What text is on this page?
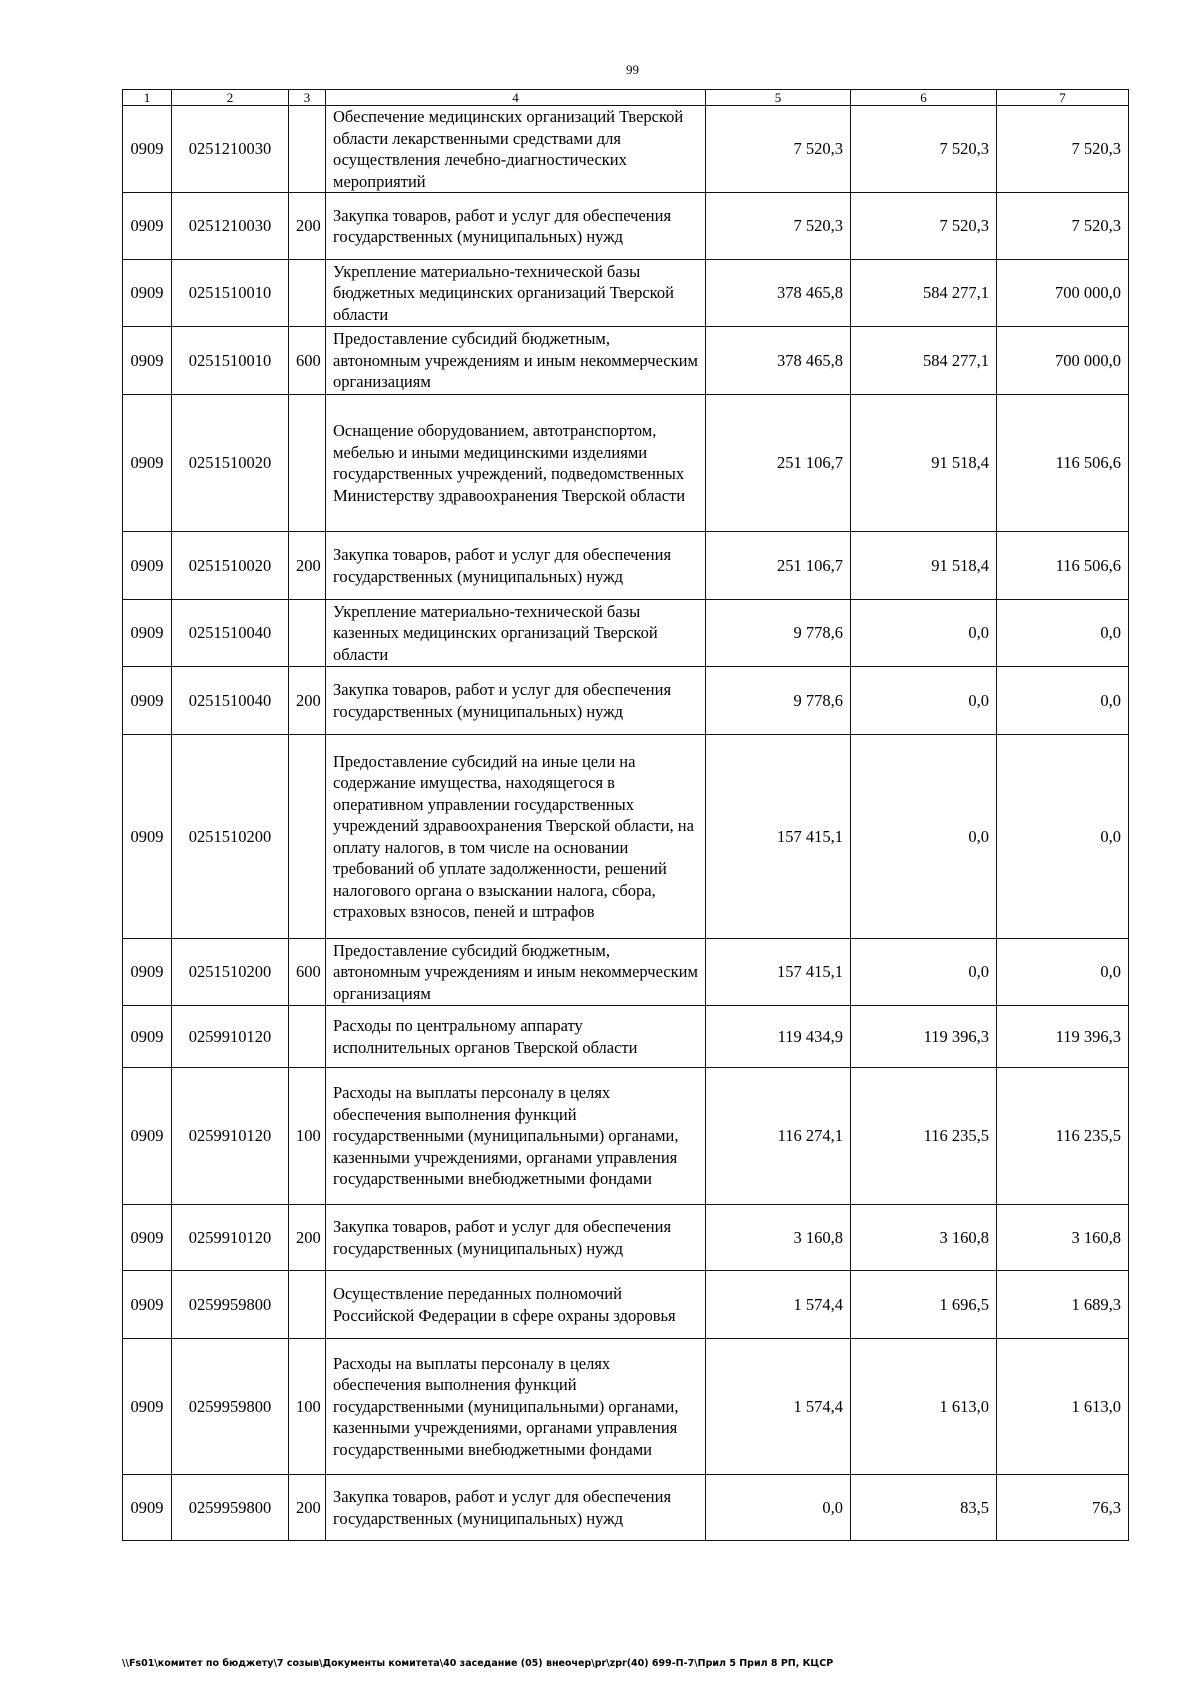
99
1	2	3	4	5	6	7
0909	0251210030		Обеспечение медицинских организаций Тверской области лекарственными средствами для осуществления лечебно-диагностических мероприятий	7 520,3	7 520,3	7 520,3
0909	0251210030	200	Закупка товаров, работ и услуг для обеспечения государственных (муниципальных) нужд	7 520,3	7 520,3	7 520,3
0909	0251510010		Укрепление материально-технической базы бюджетных медицинских организаций Тверской области	378 465,8	584 277,1	700 000,0
0909	0251510010	600	Предоставление субсидий бюджетным, автономным учреждениям и иным некоммерческим организациям	378 465,8	584 277,1	700 000,0
0909	0251510020		Оснащение оборудованием, автотранспортом, мебелью и иными медицинскими изделиями государственных учреждений, подведомственных Министерству здравоохранения Тверской области	251 106,7	91 518,4	116 506,6
0909	0251510020	200	Закупка товаров, работ и услуг для обеспечения государственных (муниципальных) нужд	251 106,7	91 518,4	116 506,6
0909	0251510040		Укрепление материально-технической базы казенных медицинских организаций Тверской области	9 778,6	0,0	0,0
0909	0251510040	200	Закупка товаров, работ и услуг для обеспечения государственных (муниципальных) нужд	9 778,6	0,0	0,0
0909	0251510200		Предоставление субсидий на иные цели на содержание имущества, находящегося в оперативном управлении государственных учреждений здравоохранения Тверской области, на оплату налогов, в том числе на основании требований об уплате задолженности, решений налогового органа о взыскании налога, сбора, страховых взносов, пеней и штрафов	157 415,1	0,0	0,0
0909	0251510200	600	Предоставление субсидий бюджетным, автономным учреждениям и иным некоммерческим организациям	157 415,1	0,0	0,0
0909	0259910120		Расходы по центральному аппарату исполнительных органов Тверской области	119 434,9	119 396,3	119 396,3
0909	0259910120	100	Расходы на выплаты персоналу в целях обеспечения выполнения функций государственными (муниципальными) органами, казенными учреждениями, органами управления государственными внебюджетными фондами	116 274,1	116 235,5	116 235,5
0909	0259910120	200	Закупка товаров, работ и услуг для обеспечения государственных (муниципальных) нужд	3 160,8	3 160,8	3 160,8
0909	0259959800		Осуществление переданных полномочий Российской Федерации в сфере охраны здоровья	1 574,4	1 696,5	1 689,3
0909	0259959800	100	Расходы на выплаты персоналу в целях обеспечения выполнения функций государственными (муниципальными) органами, казенными учреждениями, органами управления государственными внебюджетными фондами	1 574,4	1 613,0	1 613,0
0909	0259959800	200	Закупка товаров, работ и услуг для обеспечения государственных (муниципальных) нужд	0,0	83,5	76,3
\\Fs01\комитет по бюджету\7 созыв\Документы комитета\40 заседание (05) внеочер\pr\zpr(40) 699-П-7\Прил 5 Прил 8 РП, КЦСР
